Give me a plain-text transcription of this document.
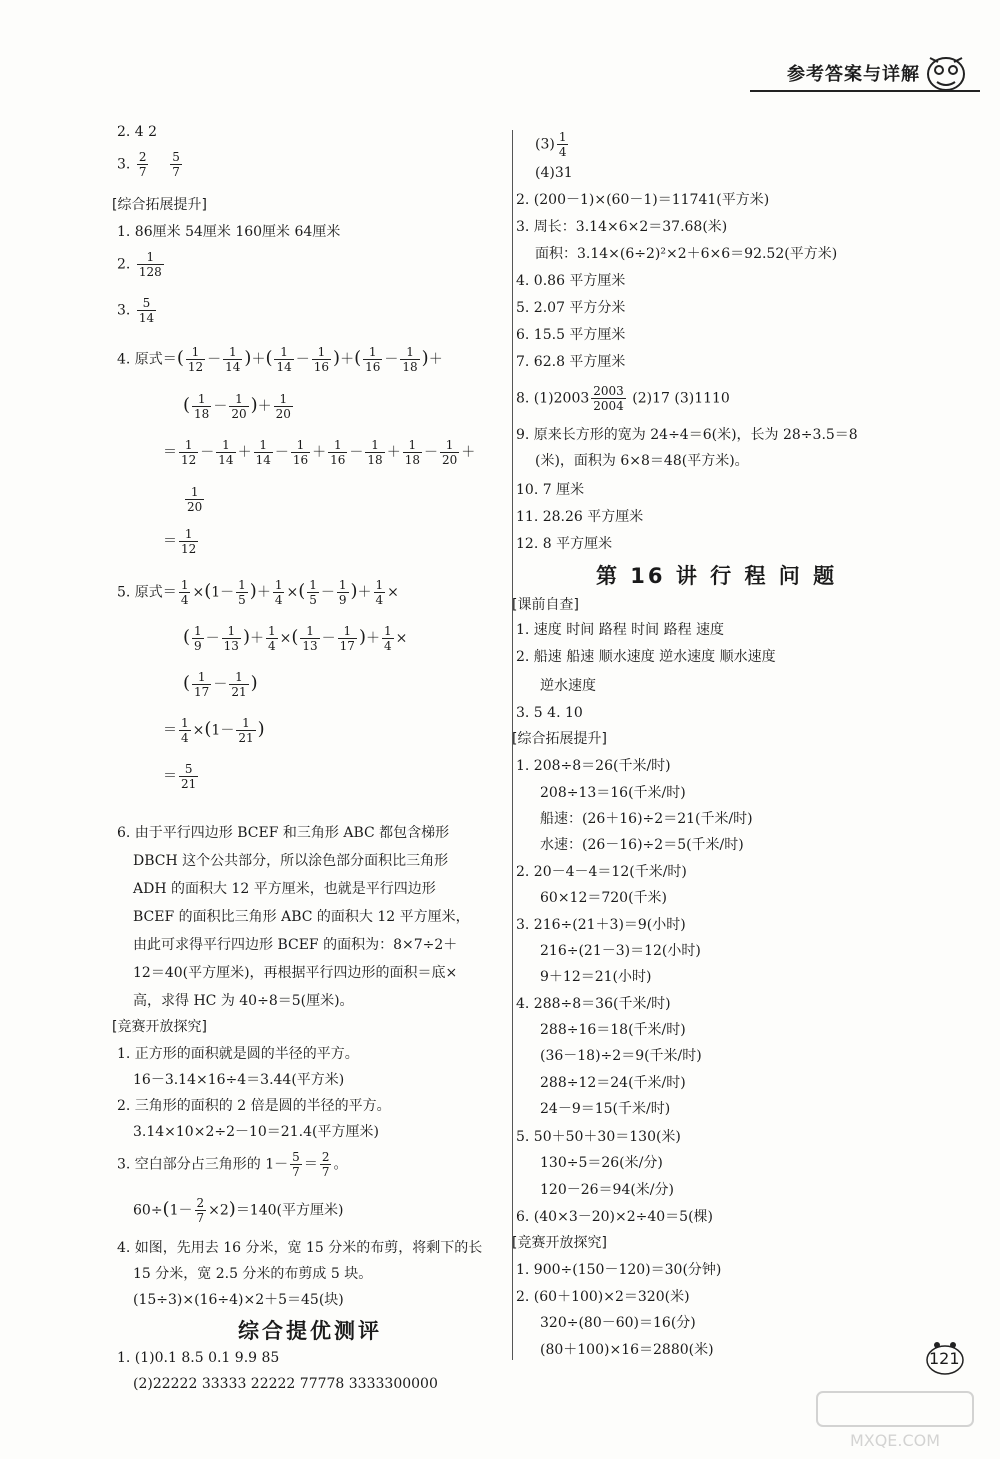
参考答案与详解
2. 4 2
3. $\frac{2}{7}$
$\frac{5}{7}$
[综合拓展提升]
1. 86厘米 54厘米 160厘米 64厘米
2. $\frac{1}{128}$
3. $\frac{5}{14}$
4. 原式＝( $\frac{1}{12} - \frac{1}{14}$ )＋( $\frac{1}{14} - \frac{1}{16}$ )＋( $\frac{1}{16} - \frac{1}{18}$ )＋
( $\frac{1}{18} - \frac{1}{20}$ )＋ $\frac{1}{20}$
＝ $\frac{1}{12} - \frac{1}{14} + \frac{1}{14} - \frac{1}{16} + \frac{1}{16} - \frac{1}{18} + \frac{1}{18} - \frac{1}{20}$ ＋
$\frac{1}{20}$
＝ $\frac{1}{12}$
5. 原式＝ $\frac{1}{4} \times(1- \frac{1}{5}$ )＋ $\frac{1}{4}$ ×( $\frac{1}{5} - \frac{1}{9}$ )＋ $\frac{1}{4}$ ×
( $\frac{1}{9} - \frac{1}{13}$ )＋ $\frac{1}{4}$ ×( $\frac{1}{13} - \frac{1}{17}$ )＋ $\frac{1}{4}$ ×
( $\frac{1}{17} - \frac{1}{21}$ )
＝ $\frac{1}{4} \times(1- \frac{1}{21}$ )
＝ $\frac{5}{21}$
6. 由于平行四边形 BCEF 和三角形 ABC 都包含梯形
DBCH 这个公共部分，所以涂色部分面积比三角形
ADH 的面积大 12 平方厘米，也就是平行四边形
BCEF 的面积比三角形 ABC 的面积大 12 平方厘米，
由此可求得平行四边形 BCEF 的面积为：8×7÷2＋
12＝40(平方厘米)，再根据平行四边形的面积＝底×
高，求得 HC 为 40÷8＝5(厘米)。
[竞赛开放探究]
1. 正方形的面积就是圆的半径的平方。
16－3.14×16÷4＝3.44(平方米)
2. 三角形的面积的 2 倍是圆的半径的平方。
3.14×10×2÷2－10＝21.4(平方厘米)
3. 空白部分占三角形的 $1- \frac{5}{7} = \frac{2}{7}$ 。
$60\div(1- \frac{2}{7} \times 2)=140$(平方厘米)
4. 如图，先用去 16 分米，宽 15 分米的布剪，将剩下的长
15 分米，宽 2.5 分米的布剪成 5 块。
(15÷3)×(16÷4)×2＋5＝45(块)
综合提优测评
1. (1)0.1 8.5 0.1 9.9 85
(2)22222 33333 22222 77778 3333300000
$(3) \frac{1}{4}$
(4)31
2. (200－1)×(60－1)＝11741(平方米)
3. 周长：3.14×6×2＝37.68(米)
面积：3.14×(6÷2)²×2＋6×6＝92.52(平方米)
4. 0.86 平方厘米
5. 2.07 平方分米
6. 15.5 平方厘米
7. 62.8 平方厘米
8. $(1)2003 \frac{2003}{2004} (2)17$ (3)1110
9. 原来长方形的宽为 24÷4＝6(米)，长为 28÷3.5＝8
(米)，面积为 6×8＝48(平方米)。
10. 7 厘米
11. 28.26 平方厘米
12. 8 平方厘米
第 16 讲 行 程 问 题
[课前自查]
1. 速度 时间 路程 时间 路程 速度
2. 船速 船速 顺水速度 逆水速度 顺水速度
逆水速度
3. 5 4. 10
[综合拓展提升]
1. 208÷8＝26(千米/时)
208÷13＝16(千米/时)
船速：(26＋16)÷2＝21(千米/时)
水速：(26－16)÷2＝5(千米/时)
2. 20－4－4＝12(千米/时)
60×12＝720(千米)
3. 216÷(21＋3)＝9(小时)
216÷(21－3)＝12(小时)
9＋12＝21(小时)
4. 288÷8＝36(千米/时)
288÷16＝18(千米/时)
(36－18)÷2＝9(千米/时)
288÷12＝24(千米/时)
24－9＝15(千米/时)
5. 50＋50＋30＝130(米)
130÷5＝26(米/分)
120－26＝94(米/分)
6. (40×3－20)×2÷40＝5(棵)
[竞赛开放探究]
1. 900÷(150－120)＝30(分钟)
2. (60＋100)×2＝320(米)
320÷(80－60)＝16(分)
(80＋100)×16＝2880(米)	121
MXQE.COM
